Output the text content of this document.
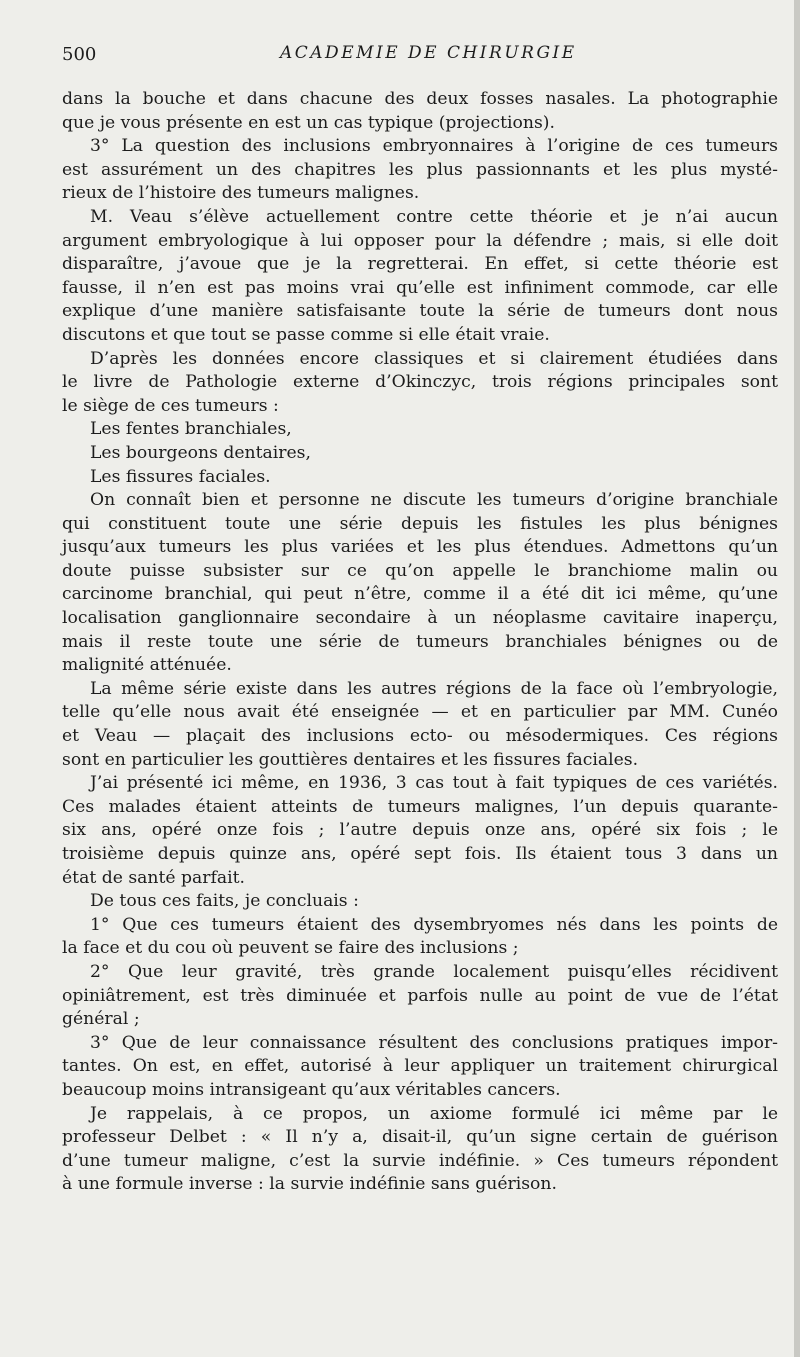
500	ACADEMIE DE CHIRURGIE
dans la bouche et dans chacune des deux fosses nasales. La photographie
que je vous présente en est un cas typique (projections).
3° La question des inclusions embryonnaires à l’origine de ces tumeurs
est assurément un des chapitres les plus passionnants et les plus mysté-
rieux de l’histoire des tumeurs malignes.
M. Veau s’élève actuellement contre cette théorie et je n’ai aucun
argument embryologique à lui opposer pour la défendre ; mais, si elle doit
disparaître, j’avoue que je la regretterai. En effet, si cette théorie est
fausse, il n’en est pas moins vrai qu’elle est infiniment commode, car elle
explique d’une manière satisfaisante toute la série de tumeurs dont nous
discutons et que tout se passe comme si elle était vraie.
D’après les données encore classiques et si clairement étudiées dans
le livre de Pathologie externe d’Okinczyc, trois régions principales sont
le siège de ces tumeurs :
Les fentes branchiales,
Les bourgeons dentaires,
Les fissures faciales.
On connaît bien et personne ne discute les tumeurs d’origine branchiale
qui constituent toute une série depuis les fistules les plus bénignes
jusqu’aux tumeurs les plus variées et les plus étendues. Admettons qu’un
doute puisse subsister sur ce qu’on appelle le branchiome malin ou
carcinome branchial, qui peut n’être, comme il a été dit ici même, qu’une
localisation ganglionnaire secondaire à un néoplasme cavitaire inaperçu,
mais il reste toute une série de tumeurs branchiales bénignes ou de
malignité atténuée.
La même série existe dans les autres régions de la face où l’embryologie,
telle qu’elle nous avait été enseignée — et en particulier par MM. Cunéo
et Veau — plaçait des inclusions ecto- ou mésodermiques. Ces régions
sont en particulier les gouttières dentaires et les fissures faciales.
J’ai présenté ici même, en 1936, 3 cas tout à fait typiques de ces variétés.
Ces malades étaient atteints de tumeurs malignes, l’un depuis quarante-
six ans, opéré onze fois ; l’autre depuis onze ans, opéré six fois ; le
troisième depuis quinze ans, opéré sept fois. Ils étaient tous 3 dans un
état de santé parfait.
De tous ces faits, je concluais :
1° Que ces tumeurs étaient des dysembryomes nés dans les points de
la face et du cou où peuvent se faire des inclusions ;
2° Que leur gravité, très grande localement puisqu’elles récidivent
opiniâtrement, est très diminuée et parfois nulle au point de vue de l’état
général ;
3° Que de leur connaissance résultent des conclusions pratiques impor-
tantes. On est, en effet, autorisé à leur appliquer un traitement chirurgical
beaucoup moins intransigeant qu’aux véritables cancers.
Je rappelais, à ce propos, un axiome formulé ici même par le
professeur Delbet : « Il n’y a, disait-il, qu’un signe certain de guérison
d’une tumeur maligne, c’est la survie indéfinie. » Ces tumeurs répondent
à une formule inverse : la survie indéfinie sans guérison.
